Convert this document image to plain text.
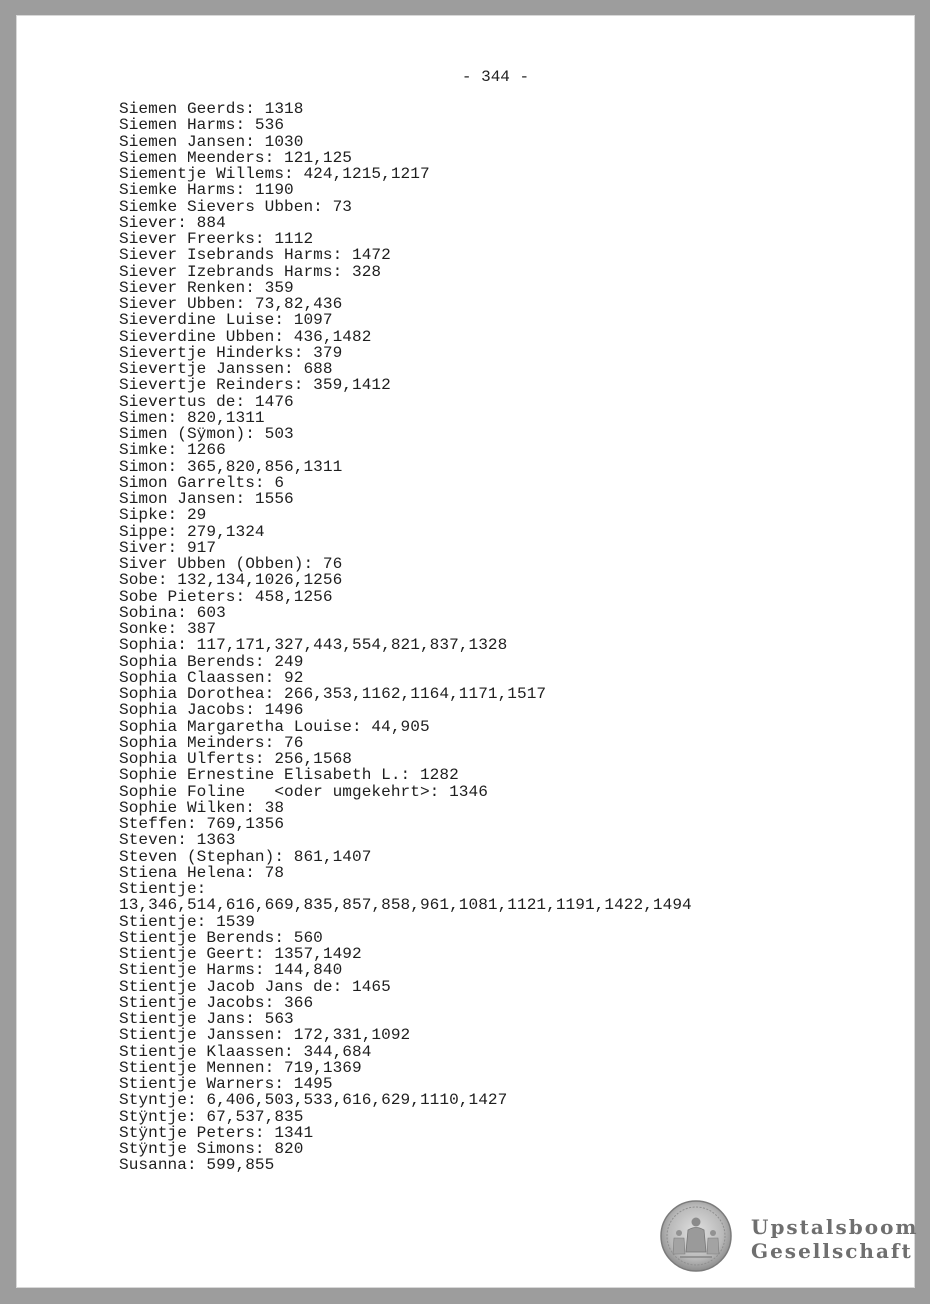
- 344 -
Siemen Geerds: 1318
Siemen Harms: 536
Siemen Jansen: 1030
Siemen Meenders: 121,125
Siementje Willems: 424,1215,1217
Siemke Harms: 1190
Siemke Sievers Ubben: 73
Siever: 884
Siever Freerks: 1112
Siever Isebrands Harms: 1472
Siever Izebrands Harms: 328
Siever Renken: 359
Siever Ubben: 73,82,436
Sieverdine Luise: 1097
Sieverdine Ubben: 436,1482
Sievertje Hinderks: 379
Sievertje Janssen: 688
Sievertje Reinders: 359,1412
Sievertus de: 1476
Simen: 820,1311
Simen (Sÿmon): 503
Simke: 1266
Simon: 365,820,856,1311
Simon Garrelts: 6
Simon Jansen: 1556
Sipke: 29
Sippe: 279,1324
Siver: 917
Siver Ubben (Obben): 76
Sobe: 132,134,1026,1256
Sobe Pieters: 458,1256
Sobina: 603
Sonke: 387
Sophia: 117,171,327,443,554,821,837,1328
Sophia Berends: 249
Sophia Claassen: 92
Sophia Dorothea: 266,353,1162,1164,1171,1517
Sophia Jacobs: 1496
Sophia Margaretha Louise: 44,905
Sophia Meinders: 76
Sophia Ulferts: 256,1568
Sophie Ernestine Elisabeth L.: 1282
Sophie Foline   <oder umgekehrt>: 1346
Sophie Wilken: 38
Steffen: 769,1356
Steven: 1363
Steven (Stephan): 861,1407
Stiena Helena: 78
Stientje:
13,346,514,616,669,835,857,858,961,1081,1121,1191,1422,1494
Stientje: 1539
Stientje Berends: 560
Stientje Geert: 1357,1492
Stientje Harms: 144,840
Stientje Jacob Jans de: 1465
Stientje Jacobs: 366
Stientje Jans: 563
Stientje Janssen: 172,331,1092
Stientje Klaassen: 344,684
Stientje Mennen: 719,1369
Stientje Warners: 1495
Styntje: 6,406,503,533,616,629,1110,1427
Stÿntje: 67,537,835
Stÿntje Peters: 1341
Stÿntje Simons: 820
Susanna: 599,855
Upstalsboom
Gesellschaft
